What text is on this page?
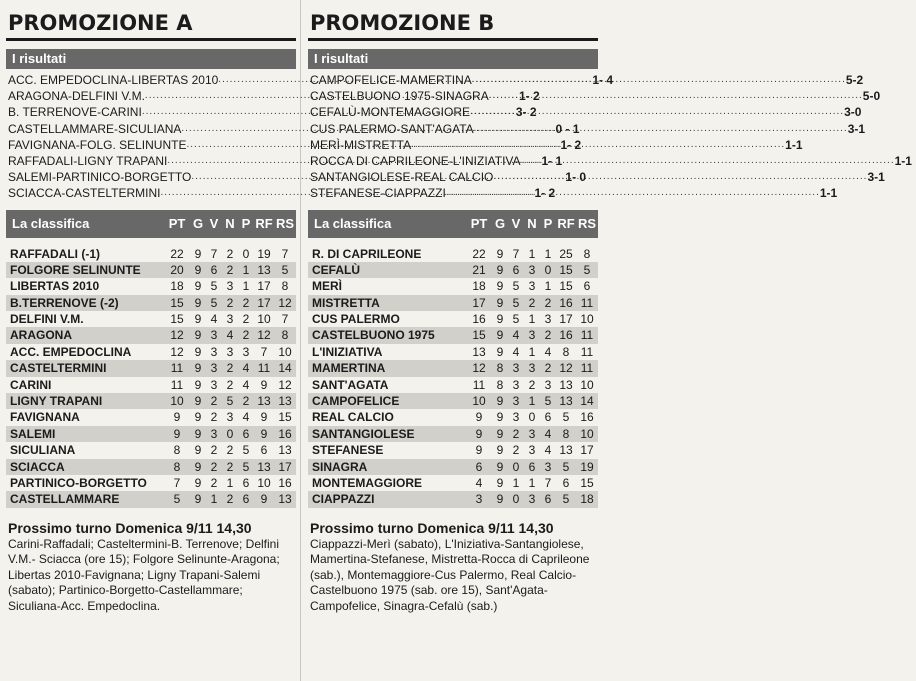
PROMOZIONE A
I risultati
ACC. EMPEDOCLINA-LIBERTAS 2010 .....	1- 4
ARAGONA-DELFINI V.M. .....	1- 2
B. TERRENOVE-CARINI .....	3- 2
CASTELLAMMARE-SICULIANA .....	0 - 1
FAVIGNANA-FOLG. SELINUNTE .....	1- 2
RAFFADALI-LIGNY TRAPANI .....	1- 1
SALEMI-PARTINICO-BORGETTO .....	1- 0
SCIACCA-CASTELTERMINI .....	1- 2
La classifica	PT G V N P RF RS
RAFFADALI (-1)	22 9 7 2 0 19 7
FOLGORE SELINUNTE	20 9 6 2 1 13 5
LIBERTAS 2010	18 9 5 3 1 17 8
B.TERRENOVE (-2)	15 9 5 2 2 17 12
DELFINI V.M.	15 9 4 3 2 10 7
ARAGONA	12 9 3 4 2 12 8
ACC. EMPEDOCLINA	12 9 3 3 3 7 10
CASTELTERMINI	11 9 3 2 4 11 14
CARINI	11 9 3 2 4 9 12
LIGNY TRAPANI	10 9 2 5 2 13 13
FAVIGNANA	9	9 2 3 4 9 15
SALEMI	9	9 3 0 6 9 16
SICULIANA	8	9 2 2 5 6 13
SCIACCA	8	9 2 2 5 13 17
PARTINICO-BORGETTO	7	9 2 1 6 10 16
CASTELLAMMARE	5	9 1 2 6 9 13
Prossimo turno Domenica 9/11 14,30
Carini-Raffadali; Casteltermini-B. Terrenove; Delfini V.M.- Sciacca (ore 15); Folgore Selinunte-Aragona; Libertas 2010-Favignana; Ligny Trapani-Salemi (sabato); Partinico-Borgetto-Castellammare; Siculiana-Acc. Empedoclina.
PROMOZIONE B
I risultati
CAMPOFELICE-MAMERTINA .....	5-2
CASTELBUONO 1975-SINAGRA .....	5-0
CEFALÙ-MONTEMAGGIORE .....	3-0
CUS PALERMO-SANT'AGATA .....	3-1
MERÌ-MISTRETTA .....	1-1
ROCCA DI CAPRILEONE-L'INIZIATIVA .....	1-1
SANTANGIOLESE-REAL CALCIO .....	3-1
STEFANESE-CIAPPAZZI .....	1-1
La classifica	PT G V N P RF RS
R. DI CAPRILEONE	22 9 7 1 1 25 8
CEFALÙ	21 9 6 3 0 15 5
MERÌ	18 9 5 3 1 15 6
MISTRETTA	17 9 5 2 2 16 11
CUS PALERMO	16 9 5 1 3 17 10
CASTELBUONO 1975	15 9 4 3 2 16 11
L'INIZIATIVA	13 9 4 1 4 8 11
MAMERTINA	12 8 3 3 2 12 11
SANT'AGATA	11 8 3 2 3 13 10
CAMPOFELICE	10 9 3 1 5 13 14
REAL CALCIO	9	9 3 0 6 5 16
SANTANGIOLESE	9	9 2 3 4 8 10
STEFANESE	9	9 2 3 4 13 17
SINAGRA	6	9 0 6 3 5 19
MONTEMAGGIORE	4	9 1 1 7 6 15
CIAPPAZZI	3	9 0 3 6 5 18
Prossimo turno Domenica 9/11 14,30
Ciappazzi-Merì (sabato), L'Iniziativa-Santangiolese, Mamertina-Stefanese, Mistretta-Rocca di Caprileone (sab.), Montemaggiore-Cus Palermo, Real Calcio-Castelbuono 1975 (sab. ore 15), Sant'Agata-Campofelice, Sinagra-Cefalù (sab.)
